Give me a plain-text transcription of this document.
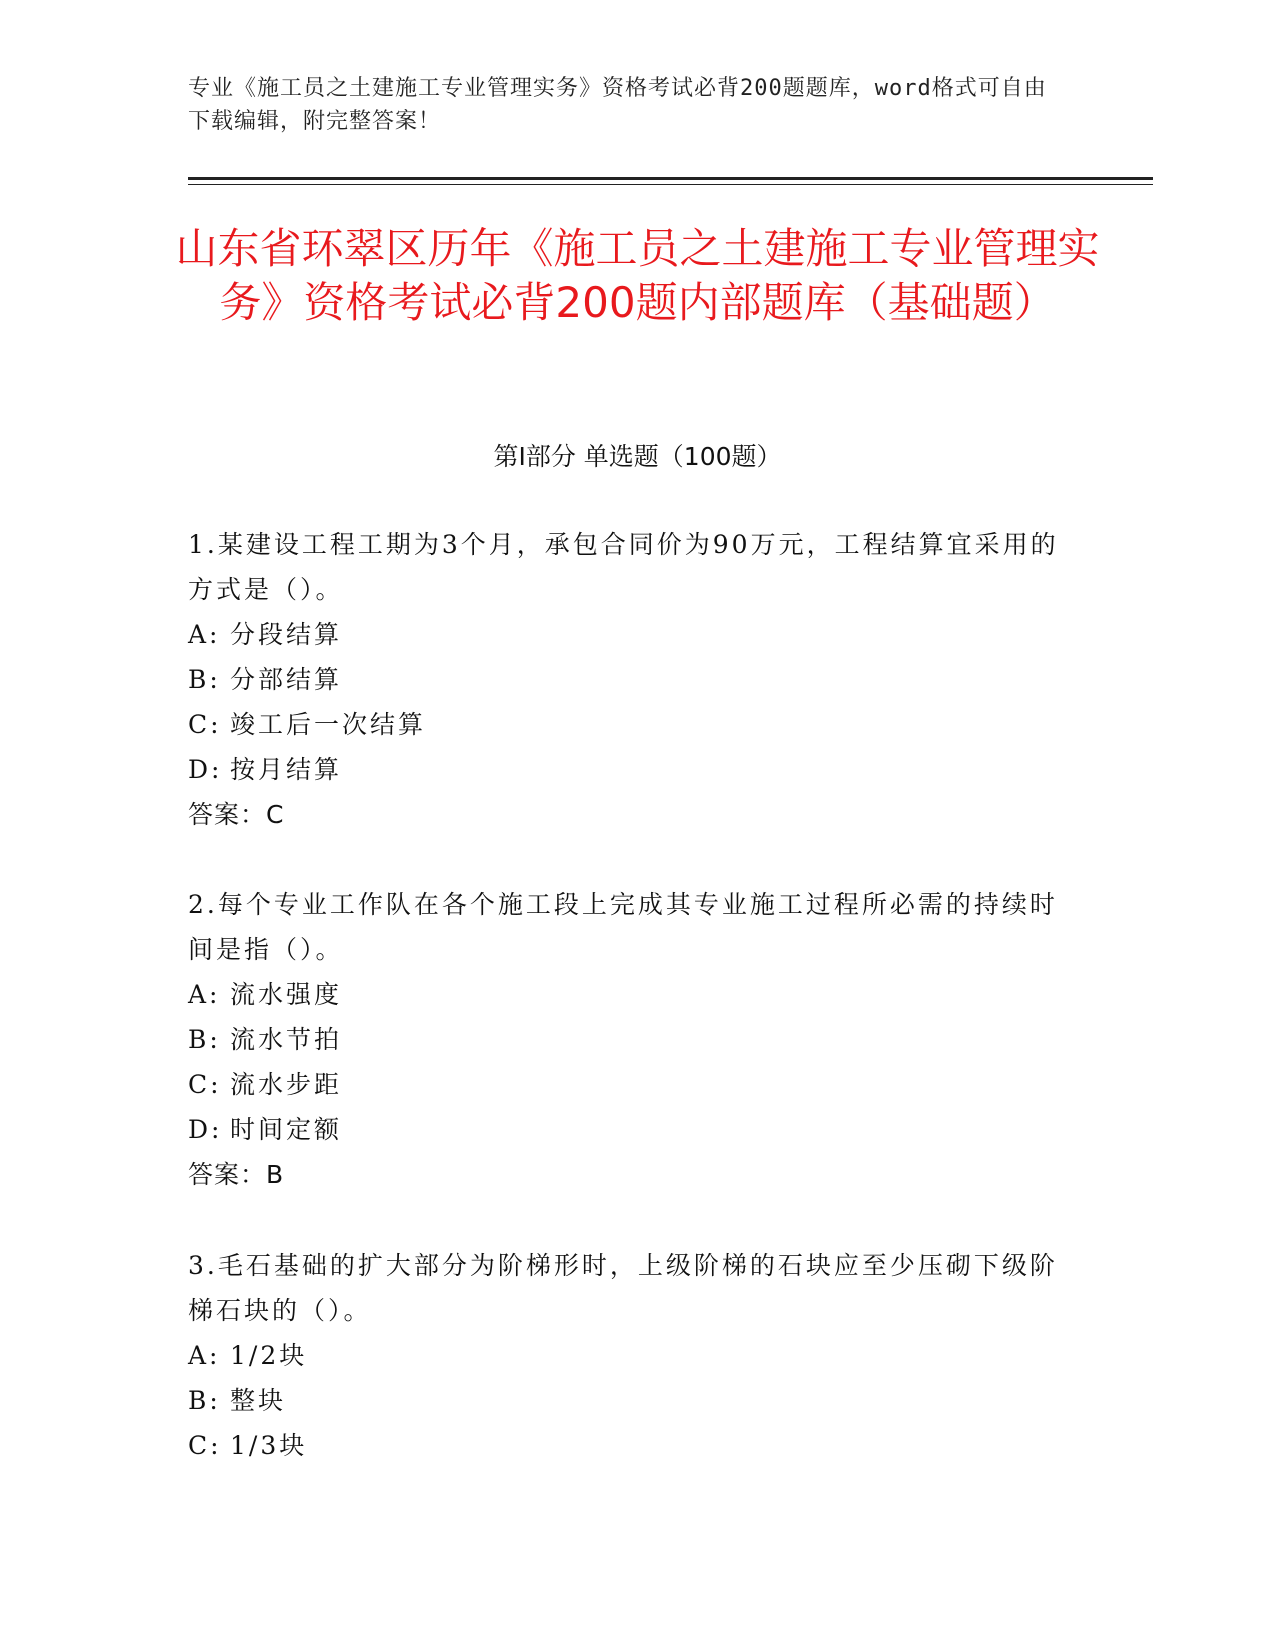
专业《施工员之土建施工专业管理实务》资格考试必背200题题库，word格式可自由下载编辑，附完整答案！
山东省环翠区历年《施工员之土建施工专业管理实务》资格考试必背200题内部题库（基础题）
第I部分 单选题（100题）

1.某建设工程工期为3个月，承包合同价为90万元，工程结算宜采用的方式是（）。

A: 分段结算
B: 分部结算
C: 竣工后一次结算
D: 按月结算
答案：C

2.每个专业工作队在各个施工段上完成其专业施工过程所必需的持续时间是指（）。

A: 流水强度
B: 流水节拍
C: 流水步距
D: 时间定额
答案：B

3.毛石基础的扩大部分为阶梯形时，上级阶梯的石块应至少压砌下级阶梯石块的（）。

A: 1/2块
B: 整块
C: 1/3块
